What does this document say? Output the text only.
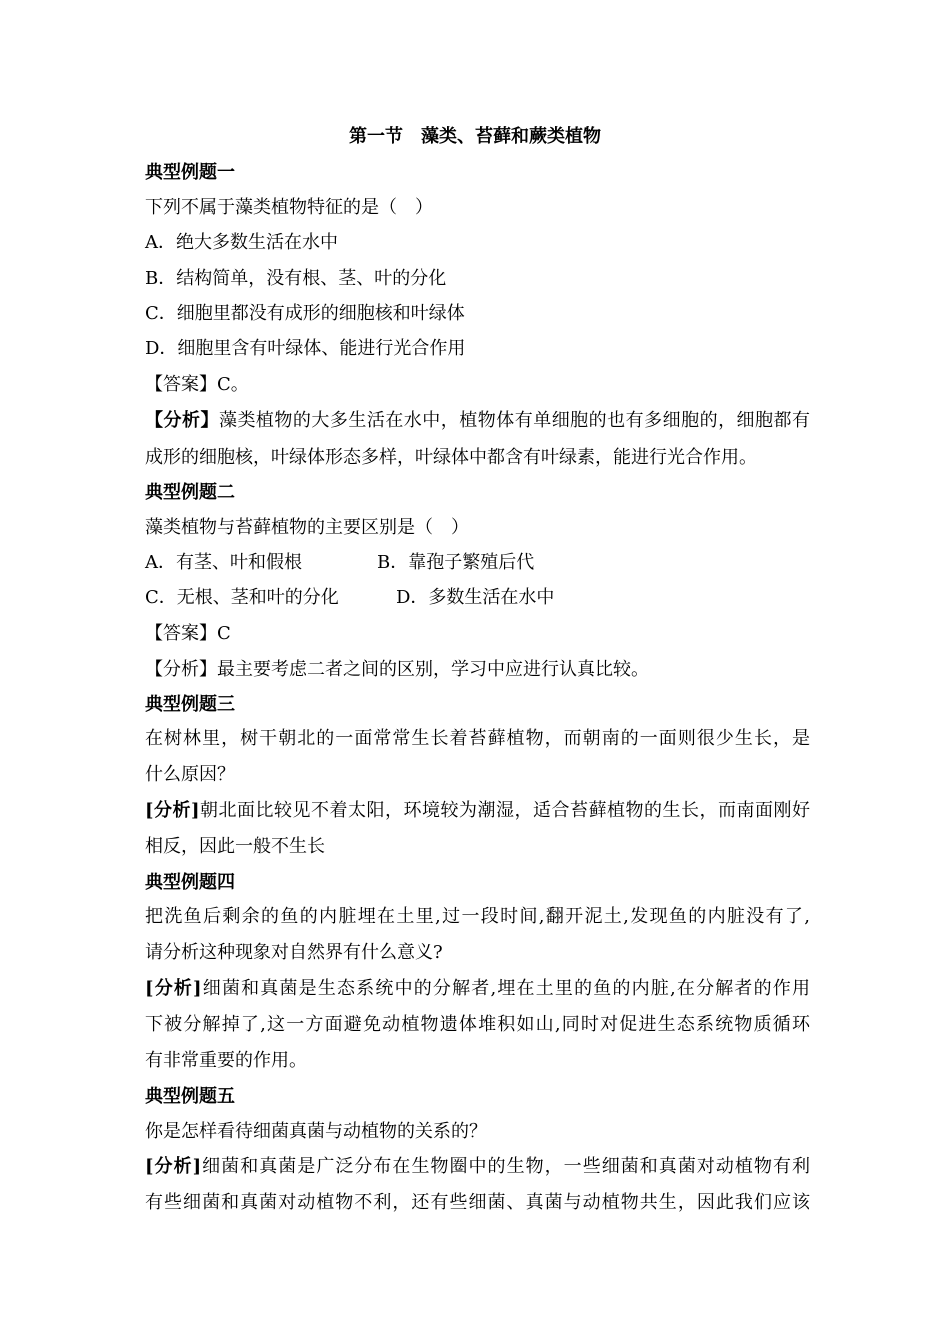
第一节　藻类、苔藓和蕨类植物
典型例题一
下列不属于藻类植物特征的是（　）
A．绝大多数生活在水中
B．结构简单，没有根、茎、叶的分化
C．细胞里都没有成形的细胞核和叶绿体
D．细胞里含有叶绿体、能进行光合作用
【答案】C。
【分析】藻类植物的大多生活在水中，植物体有单细胞的也有多细胞的，细胞都有
成形的细胞核，叶绿体形态多样，叶绿体中都含有叶绿素，能进行光合作用。
典型例题二
藻类植物与苔藓植物的主要区别是（　）
A．有茎、叶和假根	B．靠孢子繁殖后代
C．无根、茎和叶的分化	D．多数生活在水中
【答案】C
【分析】最主要考虑二者之间的区别，学习中应进行认真比较。
典型例题三
在树林里，树干朝北的一面常常生长着苔藓植物，而朝南的一面则很少生长，是
什么原因？
[分析]朝北面比较见不着太阳，环境较为潮湿，适合苔藓植物的生长，而南面刚好
相反，因此一般不生长
典型例题四
把洗鱼后剩余的鱼的内脏埋在土里,过一段时间,翻开泥土,发现鱼的内脏没有了,
请分析这种现象对自然界有什么意义?
[分析]细菌和真菌是生态系统中的分解者,埋在土里的鱼的内脏,在分解者的作用
下被分解掉了,这一方面避免动植物遗体堆积如山,同时对促进生态系统物质循环
有非常重要的作用。
典型例题五
你是怎样看待细菌真菌与动植物的关系的？
[分析]细菌和真菌是广泛分布在生物圈中的生物，一些细菌和真菌对动植物有利
有些细菌和真菌对动植物不利，还有些细菌、真菌与动植物共生，因此我们应该
